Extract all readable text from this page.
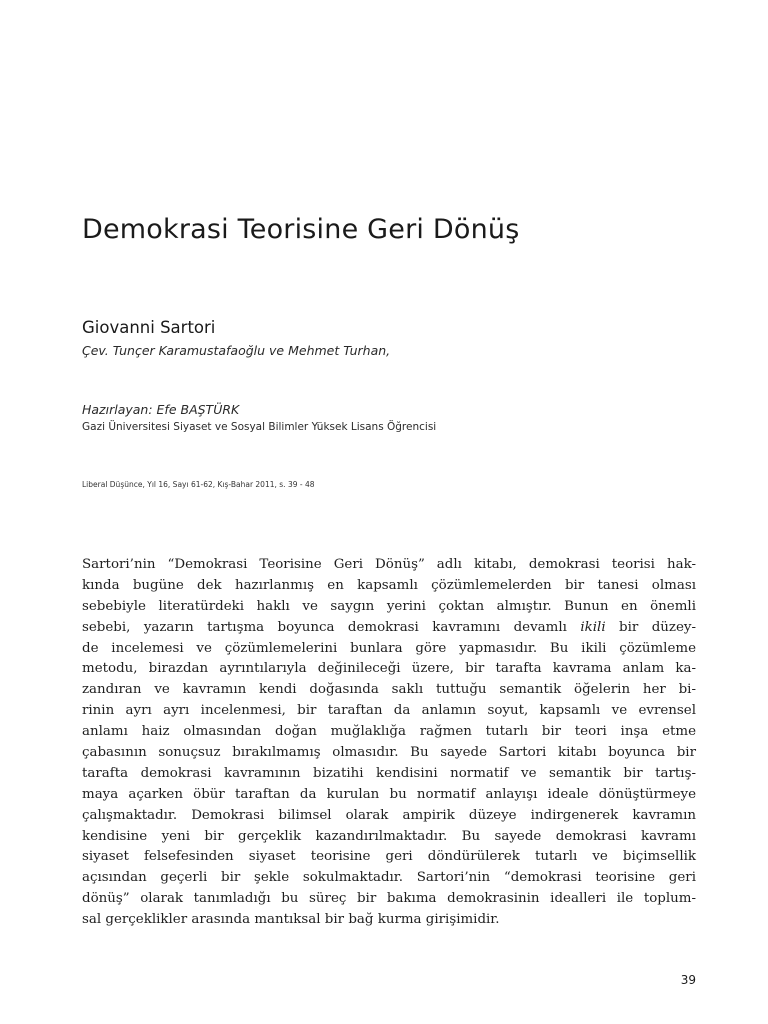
Demokrasi Teorisine Geri Dönüş

Giovanni Sartori

Çev. Tunçer Karamustafaoğlu ve Mehmet Turhan,

Hazırlayan: Efe BAŞTÜRK

Gazi Üniversitesi Siyaset ve Sosyal Bilimler Yüksek Lisans Öğrencisi

Liberal Düşünce, Yıl 16, Sayı 61-62, Kış-Bahar 2011, s. 39 - 48

Sartori’nin “Demokrasi Teorisine Geri Dönüş” adlı kitabı, demokrasi teorisi hak-
kında bugüne dek hazırlanmış en kapsamlı çözümlemelerden bir tanesi olması
sebebiyle literatürdeki haklı ve saygın yerini çoktan almıştır. Bunun en önemli
sebebi, yazarın tartışma boyunca demokrasi kavramını devamlı ikili bir düzey-
de incelemesi ve çözümlemelerini bunlara göre yapmasıdır. Bu ikili çözümleme
metodu, birazdan ayrıntılarıyla değinileceği üzere, bir tarafta kavrama anlam ka-
zandıran ve kavramın kendi doğasında saklı tuttuğu semantik öğelerin her bi-
rinin ayrı ayrı incelenmesi, bir taraftan da anlamın soyut, kapsamlı ve evrensel
anlamı haiz olmasından doğan muğlaklığa rağmen tutarlı bir teori inşa etme
çabasının sonuçsuz bırakılmamış olmasıdır. Bu sayede Sartori kitabı boyunca bir
tarafta demokrasi kavramının bizatihi kendisini normatif ve semantik bir tartış-
maya açarken öbür taraftan da kurulan bu normatif anlayışı ideale dönüştürmeye
çalışmaktadır. Demokrasi bilimsel olarak ampirik düzeye indirgenerek kavramın
kendisine yeni bir gerçeklik kazandırılmaktadır. Bu sayede demokrasi kavramı
siyaset felsefesinden siyaset teorisine geri döndürülerek tutarlı ve biçimsellik
açısından geçerli bir şekle sokulmaktadır. Sartori’nin “demokrasi teorisine geri
dönüş” olarak tanımladığı bu süreç bir bakıma demokrasinin idealleri ile toplum-
sal gerçeklikler arasında mantıksal bir bağ kurma girişimidir.

39
